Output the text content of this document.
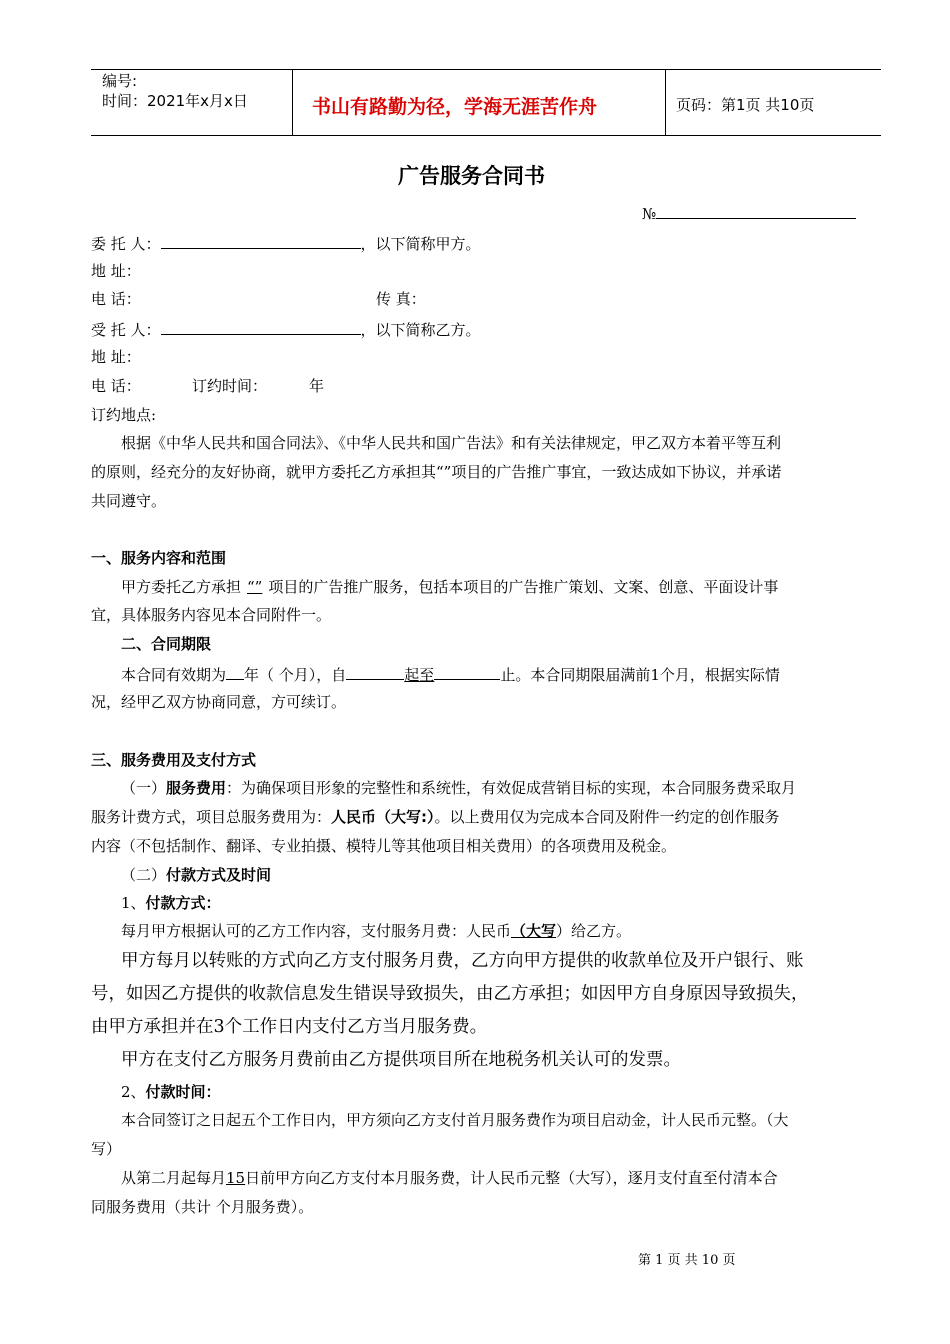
编号:
时间：2021年x月x日	书山有路勤为径，学海无涯苦作舟	页码：第1页 共10页
广告服务合同书
№
委 托 人：	，以下简称甲方。
地 址：
电 话：	传 真：
受 托 人：	，以下简称乙方。
地 址：
电 话：	订约时间：	年
订约地点:
根据《中华人民共和国合同法》、《中华人民共和国广告法》和有关法律规定，甲乙双方本着平等互利
的原则，经充分的友好协商，就甲方委托乙方承担其“”项目的广告推广事宜，一致达成如下协议，并承诺
共同遵守。
一、服务内容和范围
甲方委托乙方承担 “” 项目的广告推广服务，包括本项目的广告推广策划、文案、创意、平面设计事
宜，具体服务内容见本合同附件一。
二、合同期限
本合同有效期为 年（ 个月），自	起至	止。本合同期限届满前1个月，根据实际情
况，经甲乙双方协商同意，方可续订。
三、服务费用及支付方式
（一）服务费用：为确保项目形象的完整性和系统性，有效促成营销目标的实现，本合同服务费采取月
服务计费方式，项目总服务费用为：人民币（大写:）。以上费用仅为完成本合同及附件一约定的创作服务
内容（不包括制作、翻译、专业拍摄、模特儿等其他项目相关费用）的各项费用及税金。
（二）付款方式及时间
1、付款方式：
每月甲方根据认可的乙方工作内容，支付服务月费：人民币（大写）给乙方。
甲方每月以转账的方式向乙方支付服务月费，乙方向甲方提供的收款单位及开户银行、账
号，如因乙方提供的收款信息发生错误导致损失，由乙方承担；如因甲方自身原因导致损失，
由甲方承担并在3个工作日内支付乙方当月服务费。
甲方在支付乙方服务月费前由乙方提供项目所在地税务机关认可的发票。
2、付款时间：
本合同签订之日起五个工作日内，甲方须向乙方支付首月服务费作为项目启动金，计人民币元整。（大
写）
从第二月起每月15日前甲方向乙方支付本月服务费，计人民币元整（大写），逐月支付直至付清本合
同服务费用（共计 个月服务费）。
第 1 页 共 10 页
